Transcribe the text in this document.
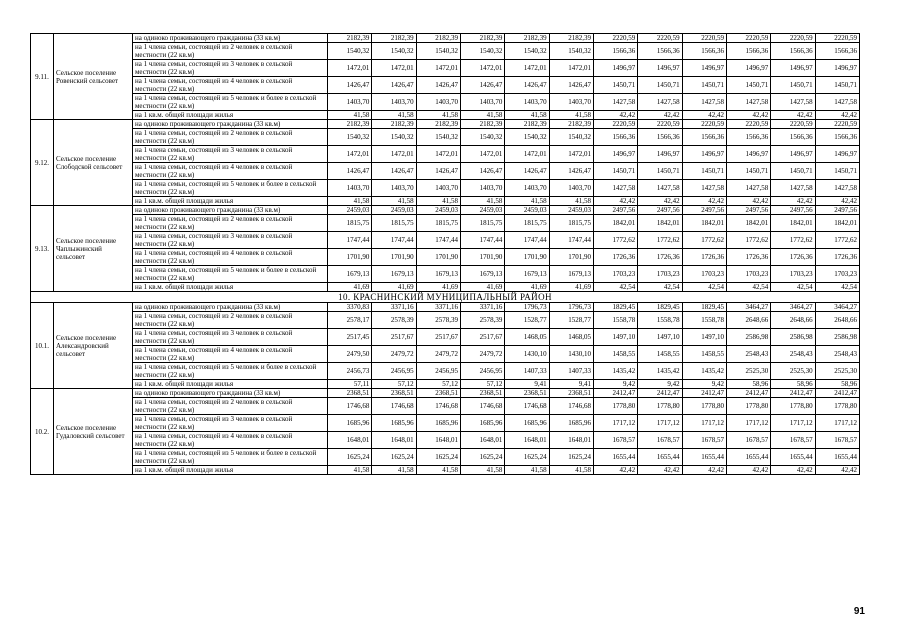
9.11.	Сельское поселение Ровенский сельсовет	на одиноко проживающего гражданина (33 кв.м)	2182,39	2182,39	2182,39	2182,39	2182,39	2182,39	2220,59	2220,59	2220,59	2220,59	2220,59	2220,59
		на 1 члена семьи, состоящей из 2 человек в сельской местности (22 кв.м)	1540,32	1540,32	1540,32	1540,32	1540,32	1540,32	1566,36	1566,36	1566,36	1566,36	1566,36	1566,36
		на 1 члена семьи, состоящей из 3 человек в сельской местности (22 кв.м)	1472,01	1472,01	1472,01	1472,01	1472,01	1472,01	1496,97	1496,97	1496,97	1496,97	1496,97	1496,97
		на 1 члена семьи, состоящей из 4 человек в сельской местности (22 кв.м)	1426,47	1426,47	1426,47	1426,47	1426,47	1426,47	1450,71	1450,71	1450,71	1450,71	1450,71	1450,71
		на 1 члена семьи, состоящей из 5 человек и более в сельской местности (22 кв.м)	1403,70	1403,70	1403,70	1403,70	1403,70	1403,70	1427,58	1427,58	1427,58	1427,58	1427,58	1427,58
		на 1 кв.м. общей площади жилья	41,58	41,58	41,58	41,58	41,58	41,58	42,42	42,42	42,42	42,42	42,42	42,42
9.12.	Сельское поселение Слободской сельсовет	на одиноко проживающего гражданина (33 кв.м)	2182,39	2182,39	2182,39	2182,39	2182,39	2182,39	2220,59	2220,59	2220,59	2220,59	2220,59	2220,59
		на 1 члена семьи, состоящей из 2 человек в сельской местности (22 кв.м)	1540,32	1540,32	1540,32	1540,32	1540,32	1540,32	1566,36	1566,36	1566,36	1566,36	1566,36	1566,36
		на 1 члена семьи, состоящей из 3 человек в сельской местности (22 кв.м)	1472,01	1472,01	1472,01	1472,01	1472,01	1472,01	1496,97	1496,97	1496,97	1496,97	1496,97	1496,97
		на 1 члена семьи, состоящей из 4 человек в сельской местности (22 кв.м)	1426,47	1426,47	1426,47	1426,47	1426,47	1426,47	1450,71	1450,71	1450,71	1450,71	1450,71	1450,71
		на 1 члена семьи, состоящей из 5 человек и более в сельской местности (22 кв.м)	1403,70	1403,70	1403,70	1403,70	1403,70	1403,70	1427,58	1427,58	1427,58	1427,58	1427,58	1427,58
		на 1 кв.м. общей площади жилья	41,58	41,58	41,58	41,58	41,58	41,58	42,42	42,42	42,42	42,42	42,42	42,42
9.13.	Сельское поселение Чаплыжинский сельсовет	на одиноко проживающего гражданина (33 кв.м)	2459,03	2459,03	2459,03	2459,03	2459,03	2459,03	2497,56	2497,56	2497,56	2497,56	2497,56	2497,56
		на 1 члена семьи, состоящей из 2 человек в сельской местности (22 кв.м)	1815,75	1815,75	1815,75	1815,75	1815,75	1815,75	1842,01	1842,01	1842,01	1842,01	1842,01	1842,01
		на 1 члена семьи, состоящей из 3 человек в сельской местности (22 кв.м)	1747,44	1747,44	1747,44	1747,44	1747,44	1747,44	1772,62	1772,62	1772,62	1772,62	1772,62	1772,62
		на 1 члена семьи, состоящей из 4 человек в сельской местности (22 кв.м)	1701,90	1701,90	1701,90	1701,90	1701,90	1701,90	1726,36	1726,36	1726,36	1726,36	1726,36	1726,36
		на 1 члена семьи, состоящей из 5 человек и более в сельской местности (22 кв.м)	1679,13	1679,13	1679,13	1679,13	1679,13	1679,13	1703,23	1703,23	1703,23	1703,23	1703,23	1703,23
		на 1 кв.м. общей площади жилья	41,69	41,69	41,69	41,69	41,69	41,69	42,54	42,54	42,54	42,54	42,54	42,54
10. КРАСНИНСКИЙ МУНИЦИПАЛЬНЫЙ РАЙОН														
10.1.	Сельское поселение Александровский сельсовет	на одиноко проживающего гражданина (33 кв.м)	3370,83	3371,16	3371,16	3371,16	1796,73	1796,73	1829,45	1829,45	1829,45	3464,27	3464,27	3464,27
		на 1 члена семьи, состоящей из 2 человек в сельской местности (22 кв.м)	2578,17	2578,39	2578,39	2578,39	1528,77	1528,77	1558,78	1558,78	1558,78	2648,66	2648,66	2648,66
		на 1 члена семьи, состоящей из 3 человек в сельской местности (22 кв.м)	2517,45	2517,67	2517,67	2517,67	1468,05	1468,05	1497,10	1497,10	1497,10	2586,98	2586,98	2586,98
		на 1 члена семьи, состоящей из 4 человек в сельской местности (22 кв.м)	2479,50	2479,72	2479,72	2479,72	1430,10	1430,10	1458,55	1458,55	1458,55	2548,43	2548,43	2548,43
		на 1 члена семьи, состоящей из 5 человек и более в сельской местности (22 кв.м)	2456,73	2456,95	2456,95	2456,95	1407,33	1407,33	1435,42	1435,42	1435,42	2525,30	2525,30	2525,30
		на 1 кв.м. общей площади жилья	57,11	57,12	57,12	57,12	9,41	9,41	9,42	9,42	9,42	58,96	58,96	58,96
10.2.	Сельское поселение Гудаловский сельсовет	на одиноко проживающего гражданина (33 кв.м)	2368,51	2368,51	2368,51	2368,51	2368,51	2368,51	2412,47	2412,47	2412,47	2412,47	2412,47	2412,47
		на 1 члена семьи, состоящей из 2 человек в сельской местности (22 кв.м)	1746,68	1746,68	1746,68	1746,68	1746,68	1746,68	1778,80	1778,80	1778,80	1778,80	1778,80	1778,80
		на 1 члена семьи, состоящей из 3 человек в сельской местности (22 кв.м)	1685,96	1685,96	1685,96	1685,96	1685,96	1685,96	1717,12	1717,12	1717,12	1717,12	1717,12	1717,12
		на 1 члена семьи, состоящей из 4 человек в сельской местности (22 кв.м)	1648,01	1648,01	1648,01	1648,01	1648,01	1648,01	1678,57	1678,57	1678,57	1678,57	1678,57	1678,57
		на 1 члена семьи, состоящей из 5 человек и более в сельской местности (22 кв.м)	1625,24	1625,24	1625,24	1625,24	1625,24	1625,24	1655,44	1655,44	1655,44	1655,44	1655,44	1655,44
		на 1 кв.м. общей площади жилья	41,58	41,58	41,58	41,58	41,58	41,58	42,42	42,42	42,42	42,42	42,42	42,42
91
